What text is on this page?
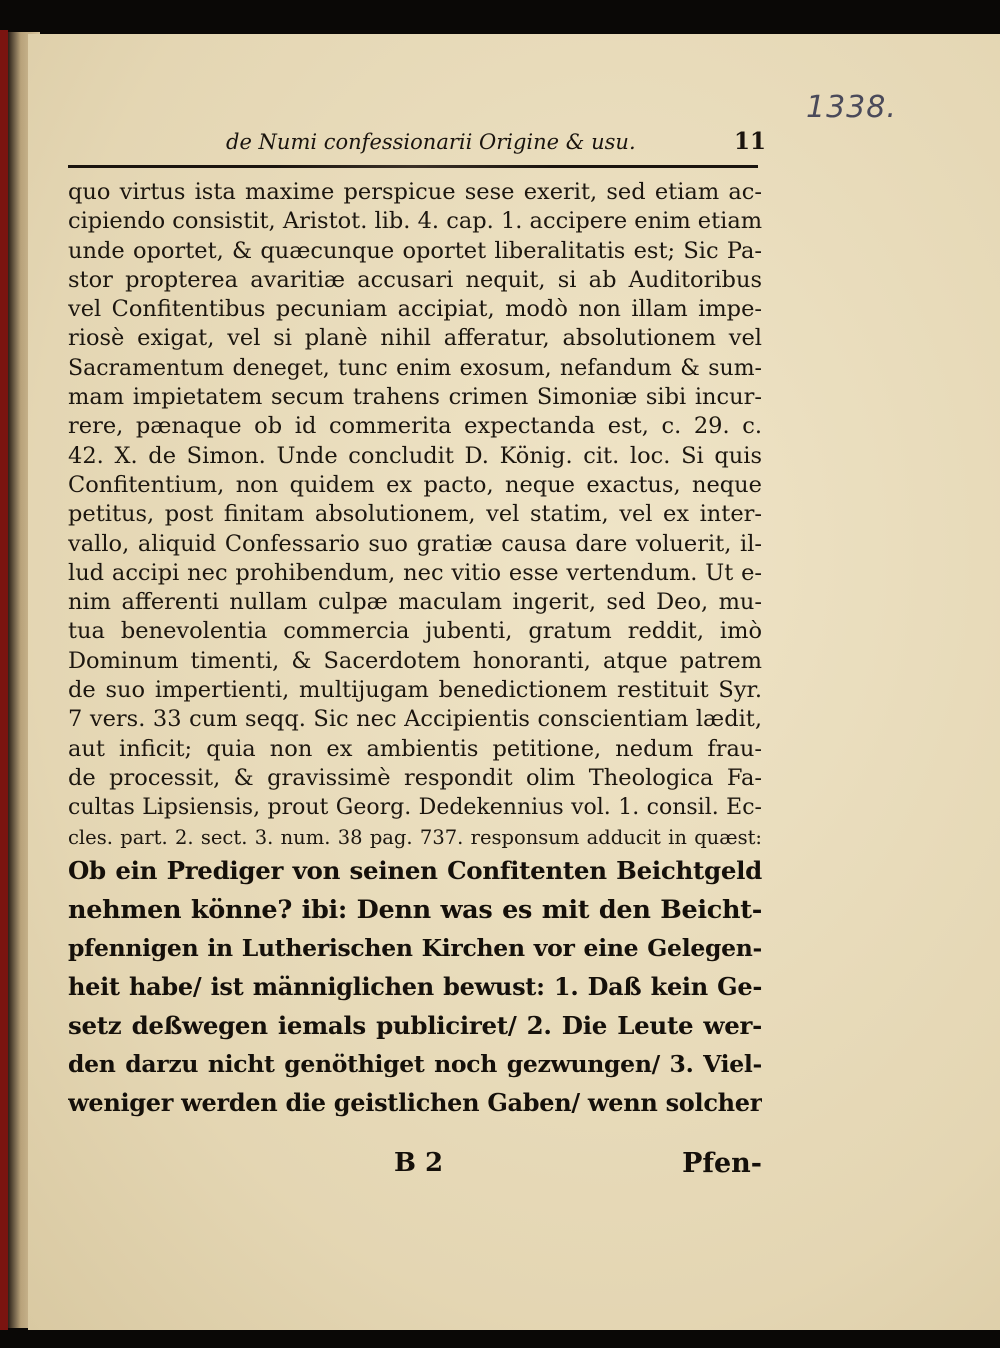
1338.
de Numi confessionarii Origine & usu.	11
quo virtus ista maxime perspicue sese exerit, sed etiam ac-
cipiendo consistit, Aristot. lib. 4. cap. 1. accipere enim etiam
unde oportet, & quæcunque oportet liberalitatis est; Sic Pa-
stor propterea avaritiæ accusari nequit, si ab Auditoribus
vel Confitentibus pecuniam accipiat, modò non illam impe-
riosè exigat, vel si planè nihil afferatur, absolutionem vel
Sacramentum deneget, tunc enim exosum, nefandum & sum-
mam impietatem secum trahens crimen Simoniæ sibi incur-
rere, pænaque ob id commerita expectanda est, c. 29. c.
42. X. de Simon. Unde concludit D. König. cit. loc. Si quis
Confitentium, non quidem ex pacto, neque exactus, neque
petitus, post finitam absolutionem, vel statim, vel ex inter-
vallo, aliquid Confessario suo gratiæ causa dare voluerit, il-
lud accipi nec prohibendum, nec vitio esse vertendum. Ut e-
nim afferenti nullam culpæ maculam ingerit, sed Deo, mu-
tua benevolentia commercia jubenti, gratum reddit, imò
Dominum timenti, & Sacerdotem honoranti, atque patrem
de suo impertienti, multijugam benedictionem restituit Syr.
7 vers. 33 cum seqq. Sic nec Accipientis conscientiam lædit,
aut inficit; quia non ex ambientis petitione, nedum frau-
de processit, & gravissimè respondit olim Theologica Fa-
cultas Lipsiensis, prout Georg. Dedekennius vol. 1. consil. Ec-
cles. part. 2. sect. 3. num. 38 pag. 737. responsum adducit in quæst:
Ob ein Prediger von seinen Confitenten Beichtgeld
nehmen könne? ibi: Denn was es mit den Beicht-
pfennigen in Lutherischen Kirchen vor eine Gelegen-
heit habe/ ist männiglichen bewust: 1. Daß kein Ge-
setz deßwegen iemals publiciret/ 2. Die Leute wer-
den darzu nicht genöthiget noch gezwungen/ 3. Viel-
weniger werden die geistlichen Gaben/ wenn solcher
B 2	Pfen-
